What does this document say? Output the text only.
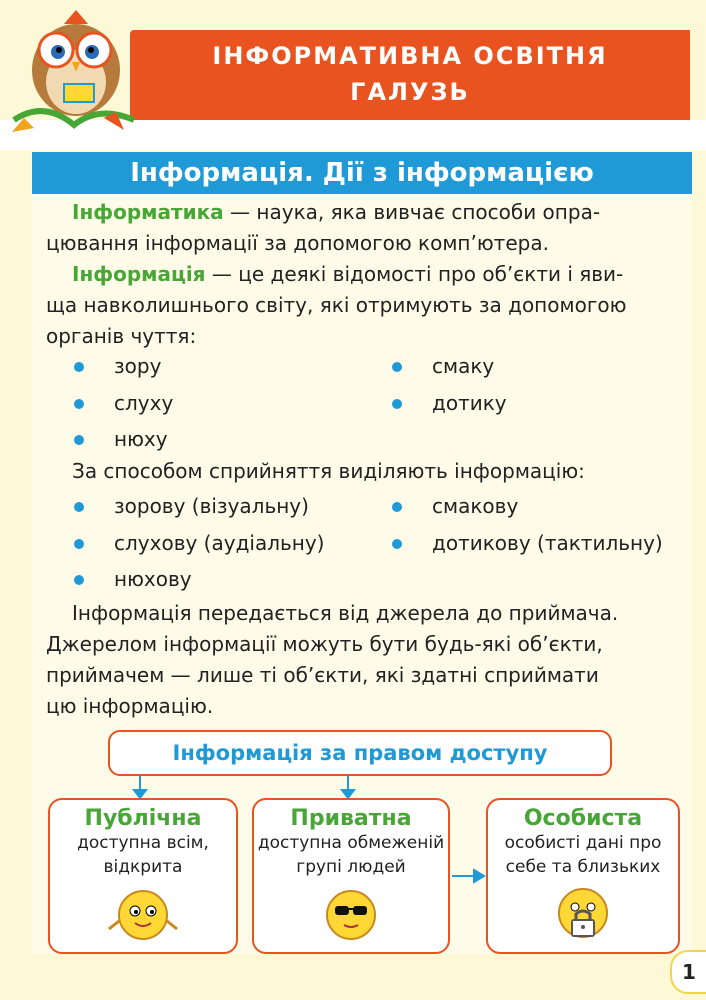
ІНФОРМАТИВНА ОСВІТНЯ
ГАЛУЗЬ
Інформація. Дії з інформацією
Інформатика — наука, яка вивчає способи опра-
цювання інформації за допомогою комп’ютера.
Інформація — це деякі відомості про об’єкти і яви-
ща навколишнього світу, які отримують за допомогою
органів чуття:
зору
слуху
нюху
смаку
дотику
За способом сприйняття виділяють інформацію:
зорову (візуальну)
слухову (аудіальну)
нюхову
смакову
дотикову (тактильну)
Інформація передається від джерела до приймача.
Джерелом інформації можуть бути будь-які об’єкти,
приймачем — лише ті об’єкти, які здатні сприймати
цю інформацію.
Інформація за правом доступу
Публічна
доступна всім,
відкрита
Приватна
доступна обмеженій
групі людей
Особиста
особисті дані про
себе та близьких
1
